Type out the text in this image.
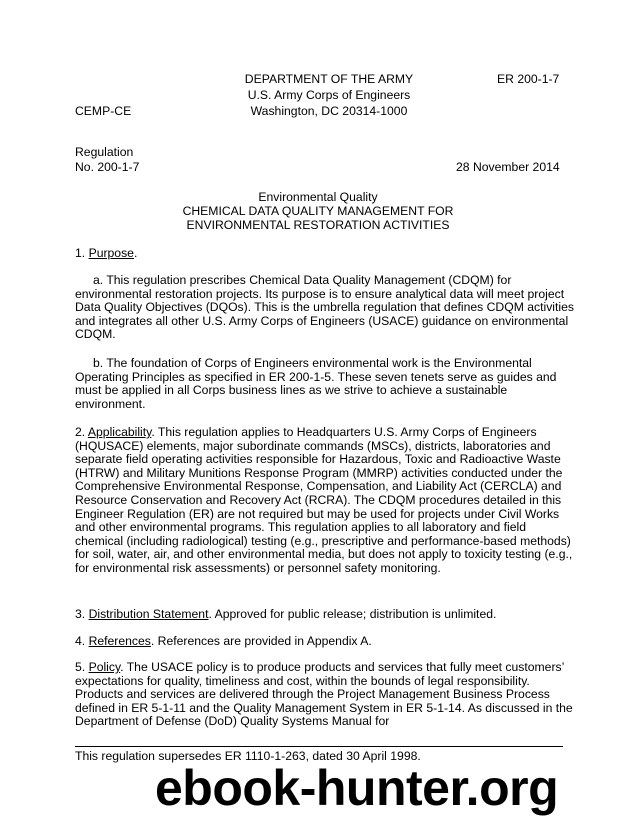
DEPARTMENT OF THE ARMY
U.S. Army Corps of Engineers
Washington, DC 20314-1000
ER 200-1-7
CEMP-CE
Regulation
No. 200-1-7	28 November 2014
Environmental Quality
CHEMICAL DATA QUALITY MANAGEMENT FOR
ENVIRONMENTAL RESTORATION ACTIVITIES
1. Purpose.
a. This regulation prescribes Chemical Data Quality Management (CDQM) for environmental restoration projects. Its purpose is to ensure analytical data will meet project Data Quality Objectives (DQOs). This is the umbrella regulation that defines CDQM activities and integrates all other U.S. Army Corps of Engineers (USACE) guidance on environmental CDQM.
b. The foundation of Corps of Engineers environmental work is the Environmental Operating Principles as specified in ER 200-1-5. These seven tenets serve as guides and must be applied in all Corps business lines as we strive to achieve a sustainable environment.
2. Applicability. This regulation applies to Headquarters U.S. Army Corps of Engineers (HQUSACE) elements, major subordinate commands (MSCs), districts, laboratories and separate field operating activities responsible for Hazardous, Toxic and Radioactive Waste (HTRW) and Military Munitions Response Program (MMRP) activities conducted under the Comprehensive Environmental Response, Compensation, and Liability Act (CERCLA) and Resource Conservation and Recovery Act (RCRA). The CDQM procedures detailed in this Engineer Regulation (ER) are not required but may be used for projects under Civil Works and other environmental programs. This regulation applies to all laboratory and field chemical (including radiological) testing (e.g., prescriptive and performance-based methods) for soil, water, air, and other environmental media, but does not apply to toxicity testing (e.g., for environmental risk assessments) or personnel safety monitoring.
3. Distribution Statement. Approved for public release; distribution is unlimited.
4. References. References are provided in Appendix A.
5. Policy. The USACE policy is to produce products and services that fully meet customers’ expectations for quality, timeliness and cost, within the bounds of legal responsibility. Products and services are delivered through the Project Management Business Process defined in ER 5-1-11 and the Quality Management System in ER 5-1-14. As discussed in the Department of Defense (DoD) Quality Systems Manual for
This regulation supersedes ER 1110-1-263, dated 30 April 1998.
ebook-hunter.org
